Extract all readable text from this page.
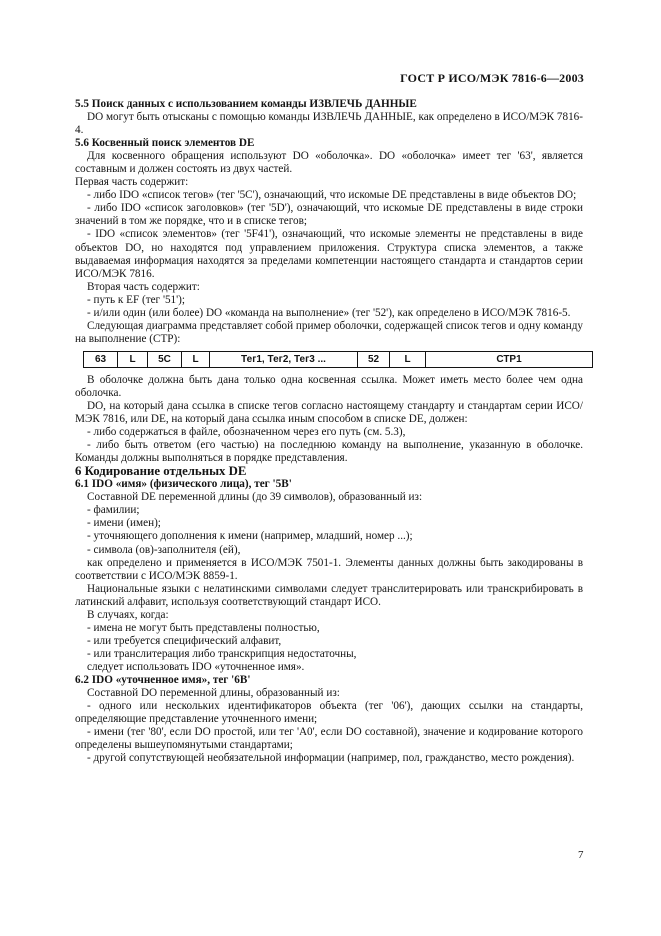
ГОСТ Р ИСО/МЭК 7816-6—2003

5.5 Поиск данных с использованием команды ИЗВЛЕЧЬ ДАННЫЕ

DO могут быть отысканы с помощью команды ИЗВЛЕЧЬ ДАННЫЕ, как определено в ИСО/МЭК 7816-4.

5.6 Косвенный поиск элементов DE

Для косвенного обращения используют DO «оболочка». DO «оболочка» имеет тег '63', является составным и должен состоять из двух частей.

Первая часть содержит:

- либо IDO «список тегов» (тег '5C'), означающий, что искомые DE представлены в виде объектов DO;

- либо IDO «список заголовков» (тег '5D'), означающий, что искомые DE представлены в виде строки значений в том же порядке, что и в списке тегов;

- IDO «список элементов» (тег '5F41'), означающий, что искомые элементы не представлены в виде объектов DO, но находятся под управлением приложения. Структура списка элементов, а также выдаваемая информация находятся за пределами компетенции настоящего стандарта и стандартов серии ИСО/МЭК 7816.

Вторая часть содержит:

- путь к EF (тег '51');

- и/или один (или более) DO «команда на выполнение» (тег '52'), как определено в ИСО/МЭК 7816-5.

Следующая диаграмма представляет собой пример оболочки, содержащей список тегов и одну команду на выполнение (CTP):

63	L	5C	L	Тег1, Тег2, Тег3 ...	52	L	СТР1

В оболочке должна быть дана только одна косвенная ссылка. Может иметь место более чем одна оболочка.

DO, на который дана ссылка в списке тегов согласно настоящему стандарту и стандартам серии ИСО/МЭК 7816, или DE, на который дана ссылка иным способом в списке DE, должен:

- либо содержаться в файле, обозначенном через его путь (см. 5.3),

- либо быть ответом (его частью) на последнюю команду на выполнение, указанную в оболочке. Команды должны выполняться в порядке представления.

6 Кодирование отдельных DE

6.1 IDO «имя» (физического лица), тег '5B'

Составной DE переменной длины (до 39 символов), образованный из:

- фамилии;

- имени (имен);

- уточняющего дополнения к имени (например, младший, номер ...);

- символа (ов)-заполнителя (ей),

как определено и применяется в ИСО/МЭК 7501-1. Элементы данных должны быть закодированы в соответствии с ИСО/МЭК 8859-1.

Национальные языки с нелатинскими символами следует транслитерировать или транскрибировать в латинский алфавит, используя соответствующий стандарт ИСО.

В случаях, когда:

- имена не могут быть представлены полностью,

- или требуется специфический алфавит,

- или транслитерация либо транскрипция недостаточны,

следует использовать IDO «уточненное имя».

6.2 IDO «уточненное имя», тег '6B'

Составной DO переменной длины, образованный из:

- одного или нескольких идентификаторов объекта (тег '06'), дающих ссылки на стандарты, определяющие представление уточненного имени;

- имени (тег '80', если DO простой, или тег 'A0', если DO составной), значение и кодирование которого определены вышеупомянутыми стандартами;

- другой сопутствующей необязательной информации (например, пол, гражданство, место рождения).

7
